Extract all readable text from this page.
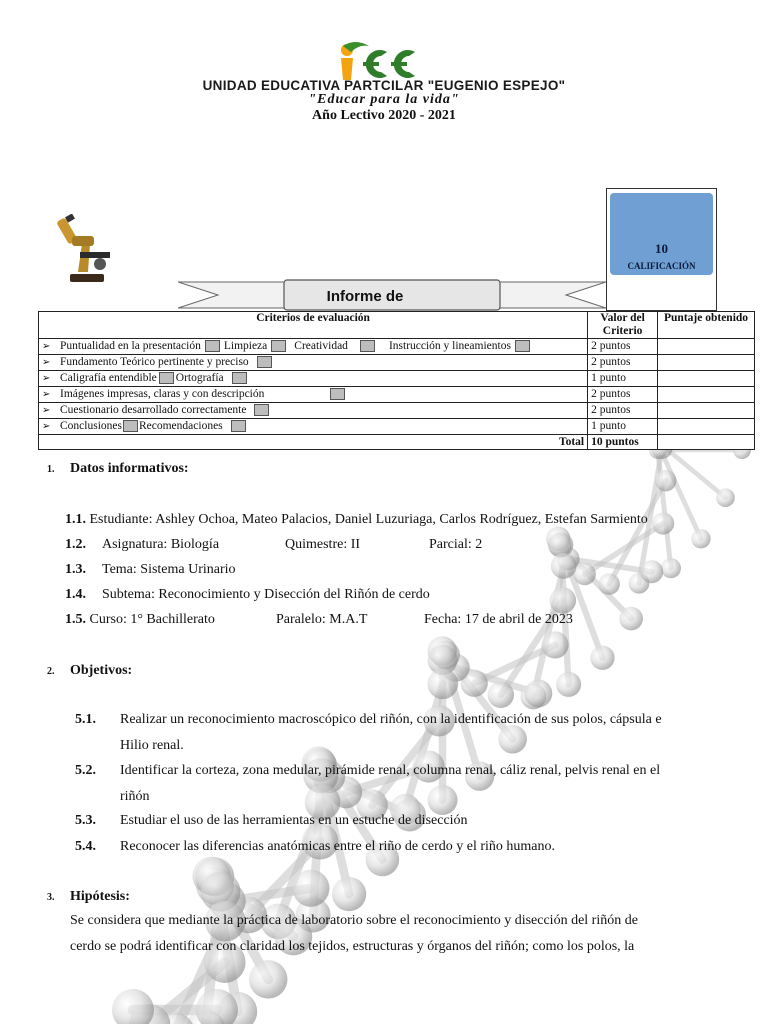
UNIDAD EDUCATIVA PARTCILAR "EUGENIO ESPEJO"
"Educar para la vida"
Año Lectivo 2020 - 2021
10
CALIFICACIÓN
Informe de
Criterios de evaluación	Valor del Criterio	Puntaje obtenido
➢ Puntualidad en la presentación Limpieza Creatividad Instrucción y lineamientos	2 puntos	
➢ Fundamento Teórico pertinente y preciso	2 puntos	
➢ Caligrafía entendible Ortografía	1 punto	
➢ Imágenes impresas, claras y con descripción	2 puntos	
➢ Cuestionario desarrollado correctamente	2 puntos	
➢ Conclusiones Recomendaciones	1 punto	
Total	10 puntos	
1. Datos informativos:
1.1. Estudiante: Ashley Ochoa, Mateo Palacios, Daniel Luzuriaga, Carlos Rodríguez, Estefan Sarmiento
1.2. Asignatura: Biología	Quimestre: II	Parcial: 2
1.3. Tema: Sistema Urinario
1.4. Subtema: Reconocimiento y Disección del Riñón de cerdo
1.5. Curso: 1° Bachillerato	Paralelo: M.A.T	Fecha: 17 de abril de 2023
2. Objetivos:
5.1. Realizar un reconocimiento macroscópico del riñón, con la identificación de sus polos, cápsula e
Hilio renal.
5.2. Identificar la corteza, zona medular, pirámide renal, columna renal, cáliz renal, pelvis renal en el
riñón
5.3. Estudiar el uso de las herramientas en un estuche de disección
5.4. Reconocer las diferencias anatómicas entre el riño de cerdo y el riño humano.
3. Hipótesis:
Se considera que mediante la práctica de laboratorio sobre el reconocimiento y disección del riñón de
cerdo se podrá identificar con claridad los tejidos, estructuras y órganos del riñón; como los polos, la
